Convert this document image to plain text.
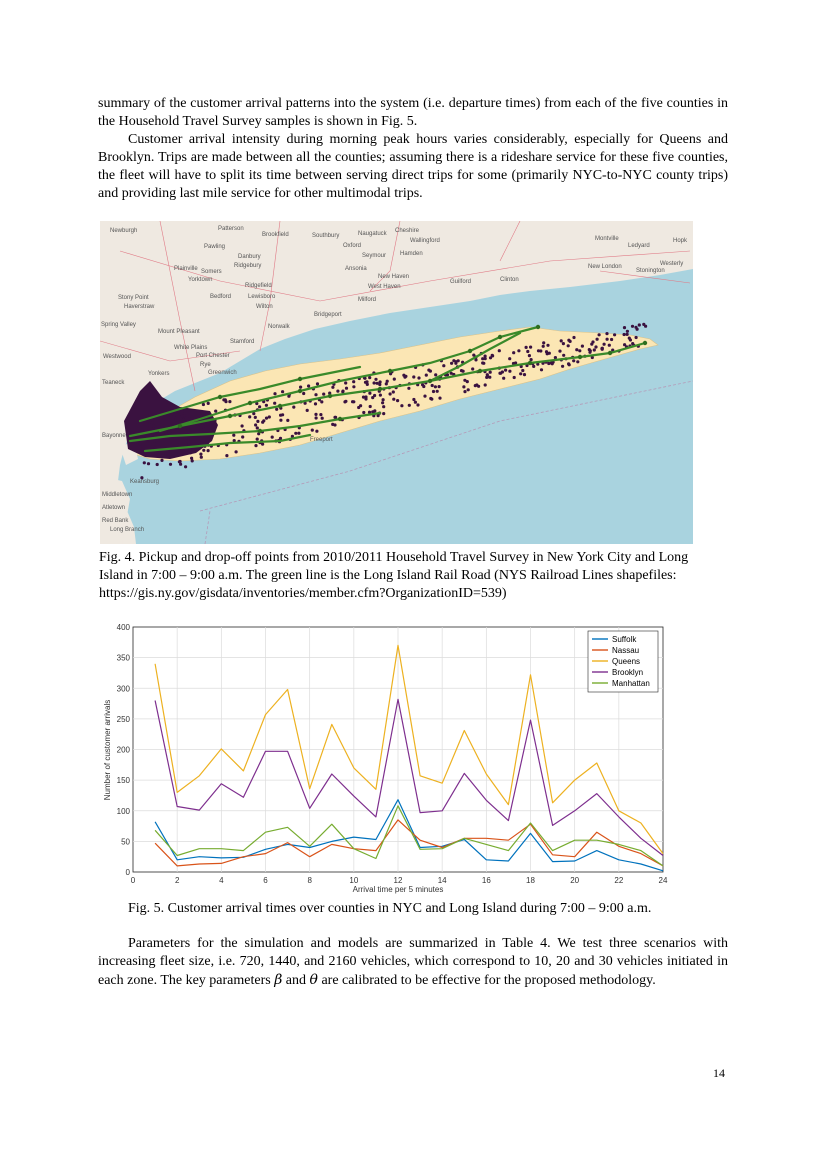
summary of the customer arrival patterns into the system (i.e. departure times) from each of the five counties in the Household Travel Survey samples is shown in Fig. 5.

Customer arrival intensity during morning peak hours varies considerably, especially for Queens and Brooklyn. Trips are made between all the counties; assuming there is a rideshare service for these five counties, the fleet will have to split its time between serving direct trips for some (primarily NYC-to-NYC county trips) and providing last mile service for other multimodal trips.

Newburgh	Patterson
Brookfield	Southbury	Naugatuck Cheshire
Wallingford	Montville
Ledyard
Hopk
Oxford
Seymour Hamden
Westerly
Danbury
New London
Stonington
Pawling
Ridgebury	Ansonia
New Haven
Guilford	Clinton
Plainville
Yorktown
Somers
West Haven
Bedford	Lewisboro	Milford
Stony Point
Haverstraw
Ridgefield
Wilton
Bridgeport
Spring Valley
Mount Pleasant
Stamford
Norwalk
White Plains
Port Chester
Westwood
Yonkers
Rye
Teaneck
Greenwich
Bayonne
Freeport
Red Bank
Long Branch
Keansburg
Middletown
Atletown

Fig. 4. Pickup and drop-off points from 2010/2011 Household Travel Survey in New York City and Long Island in 7:00 – 9:00 a.m. The green line is the Long Island Rail Road (NYS Railroad Lines shapefiles: https://gis.ny.gov/gisdata/inventories/member.cfm?OrganizationID=539)

0	2	4	6	8	10	12	14	16	18	20	22	24
0
50
100
150
200
250
300
350
400
Arrival time per 5 minutes
Number of customer arrivals
Suffolk
Nassau
Queens
Brooklyn
Manhattan

Fig. 5. Customer arrival times over counties in NYC and Long Island during 7:00 – 9:00 a.m.

Parameters for the simulation and models are summarized in Table 4. We test three scenarios with increasing fleet size, i.e. 720, 1440, and 2160 vehicles, which correspond to 10, 20 and 30 vehicles initiated in each zone. The key parameters β and θ are calibrated to be effective for the proposed methodology.

14
